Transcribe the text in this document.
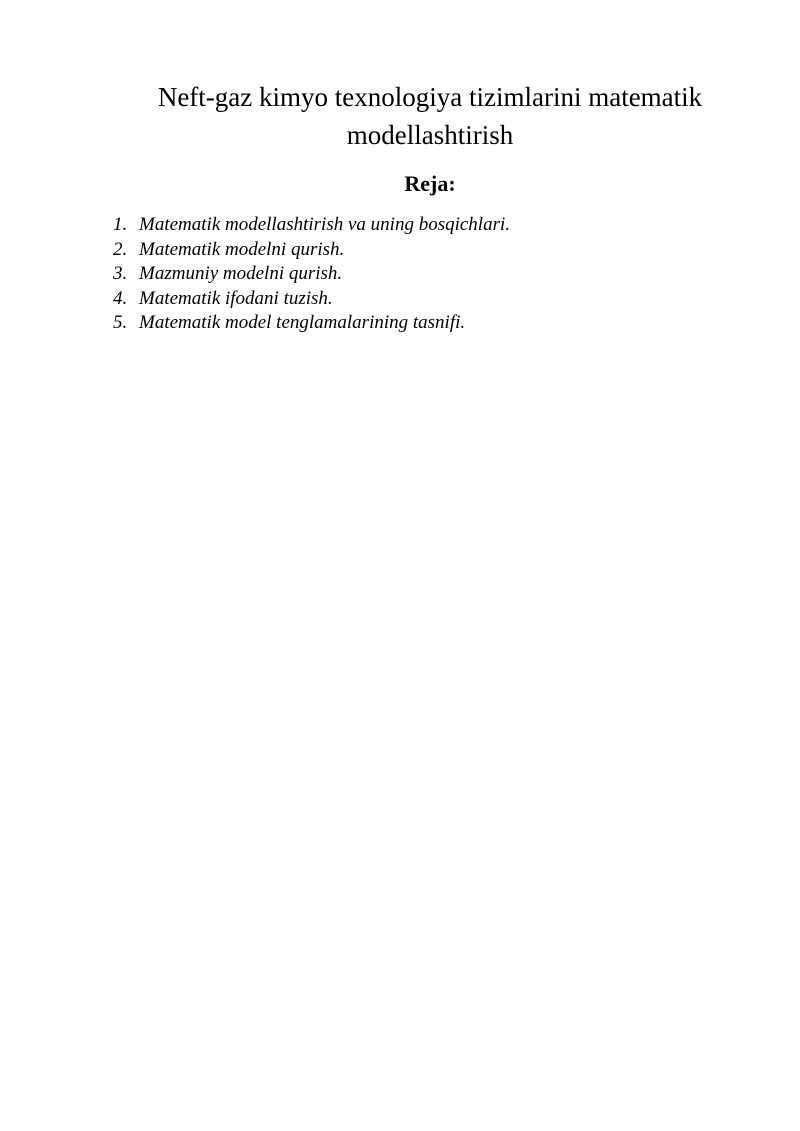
Neft-gaz kimyo texnologiya tizimlarini matematik
modellashtirish
Reja:
1. Matematik modellashtirish va uning bosqichlari.
2. Matematik modelni qurish.
3. Mazmuniy modelni qurish.
4. Matematik ifodani tuzish.
5. Matematik model tenglamalarining tasnifi.
